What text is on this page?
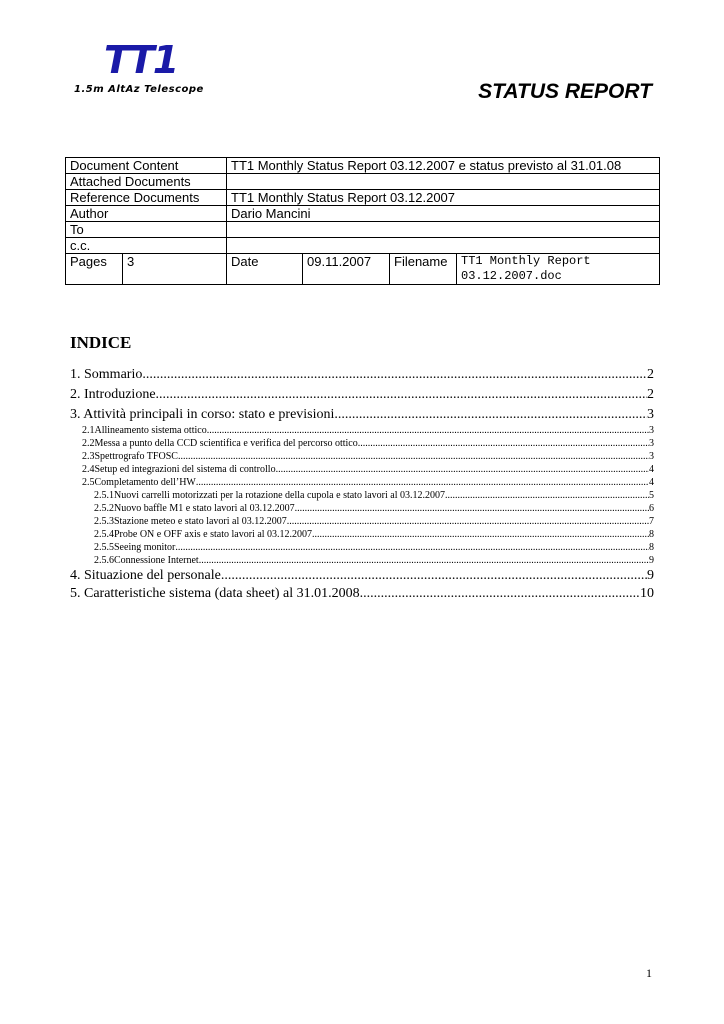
TT1
1.5m AltAz Telescope	STATUS REPORT
Document Content		TT1 Monthly Status Report 03.12.2007 e status previsto al 31.01.08			
Attached Documents					
Reference Documents		TT1 Monthly Status Report 03.12.2007			
Author		Dario Mancini			
To					
c.c.					
Pages	3	Date	09.11.2007	Filename	TT1 Monthly Report
03.12.2007.doc
INDICE
1. Sommario .....	2
2. Introduzione .....	2
3. Attività principali in corso: stato e previsioni .....	3
2.1Allineamento sistema ottico .....	3
2.2Messa a punto della CCD scientifica e verifica del percorso ottico .....	3
2.3Spettrografo TFOSC .....	3
2.4Setup ed integrazioni del sistema di controllo .....	4
2.5Completamento dell’HW .....	4
2.5.1Nuovi carrelli motorizzati per la rotazione della cupola e stato lavori al 03.12.2007 .....	5
2.5.2Nuovo baffle M1 e stato lavori al 03.12.2007 .....	6
2.5.3Stazione meteo e stato lavori al 03.12.2007 .....	7
2.5.4Probe ON e OFF axis e stato lavori al 03.12.2007 .....	8
2.5.5Seeing monitor .....	8
2.5.6Connessione Internet .....	9
4. Situazione del personale .....	9
5. Caratteristiche sistema (data sheet) al 31.01.2008 .....	10
1
